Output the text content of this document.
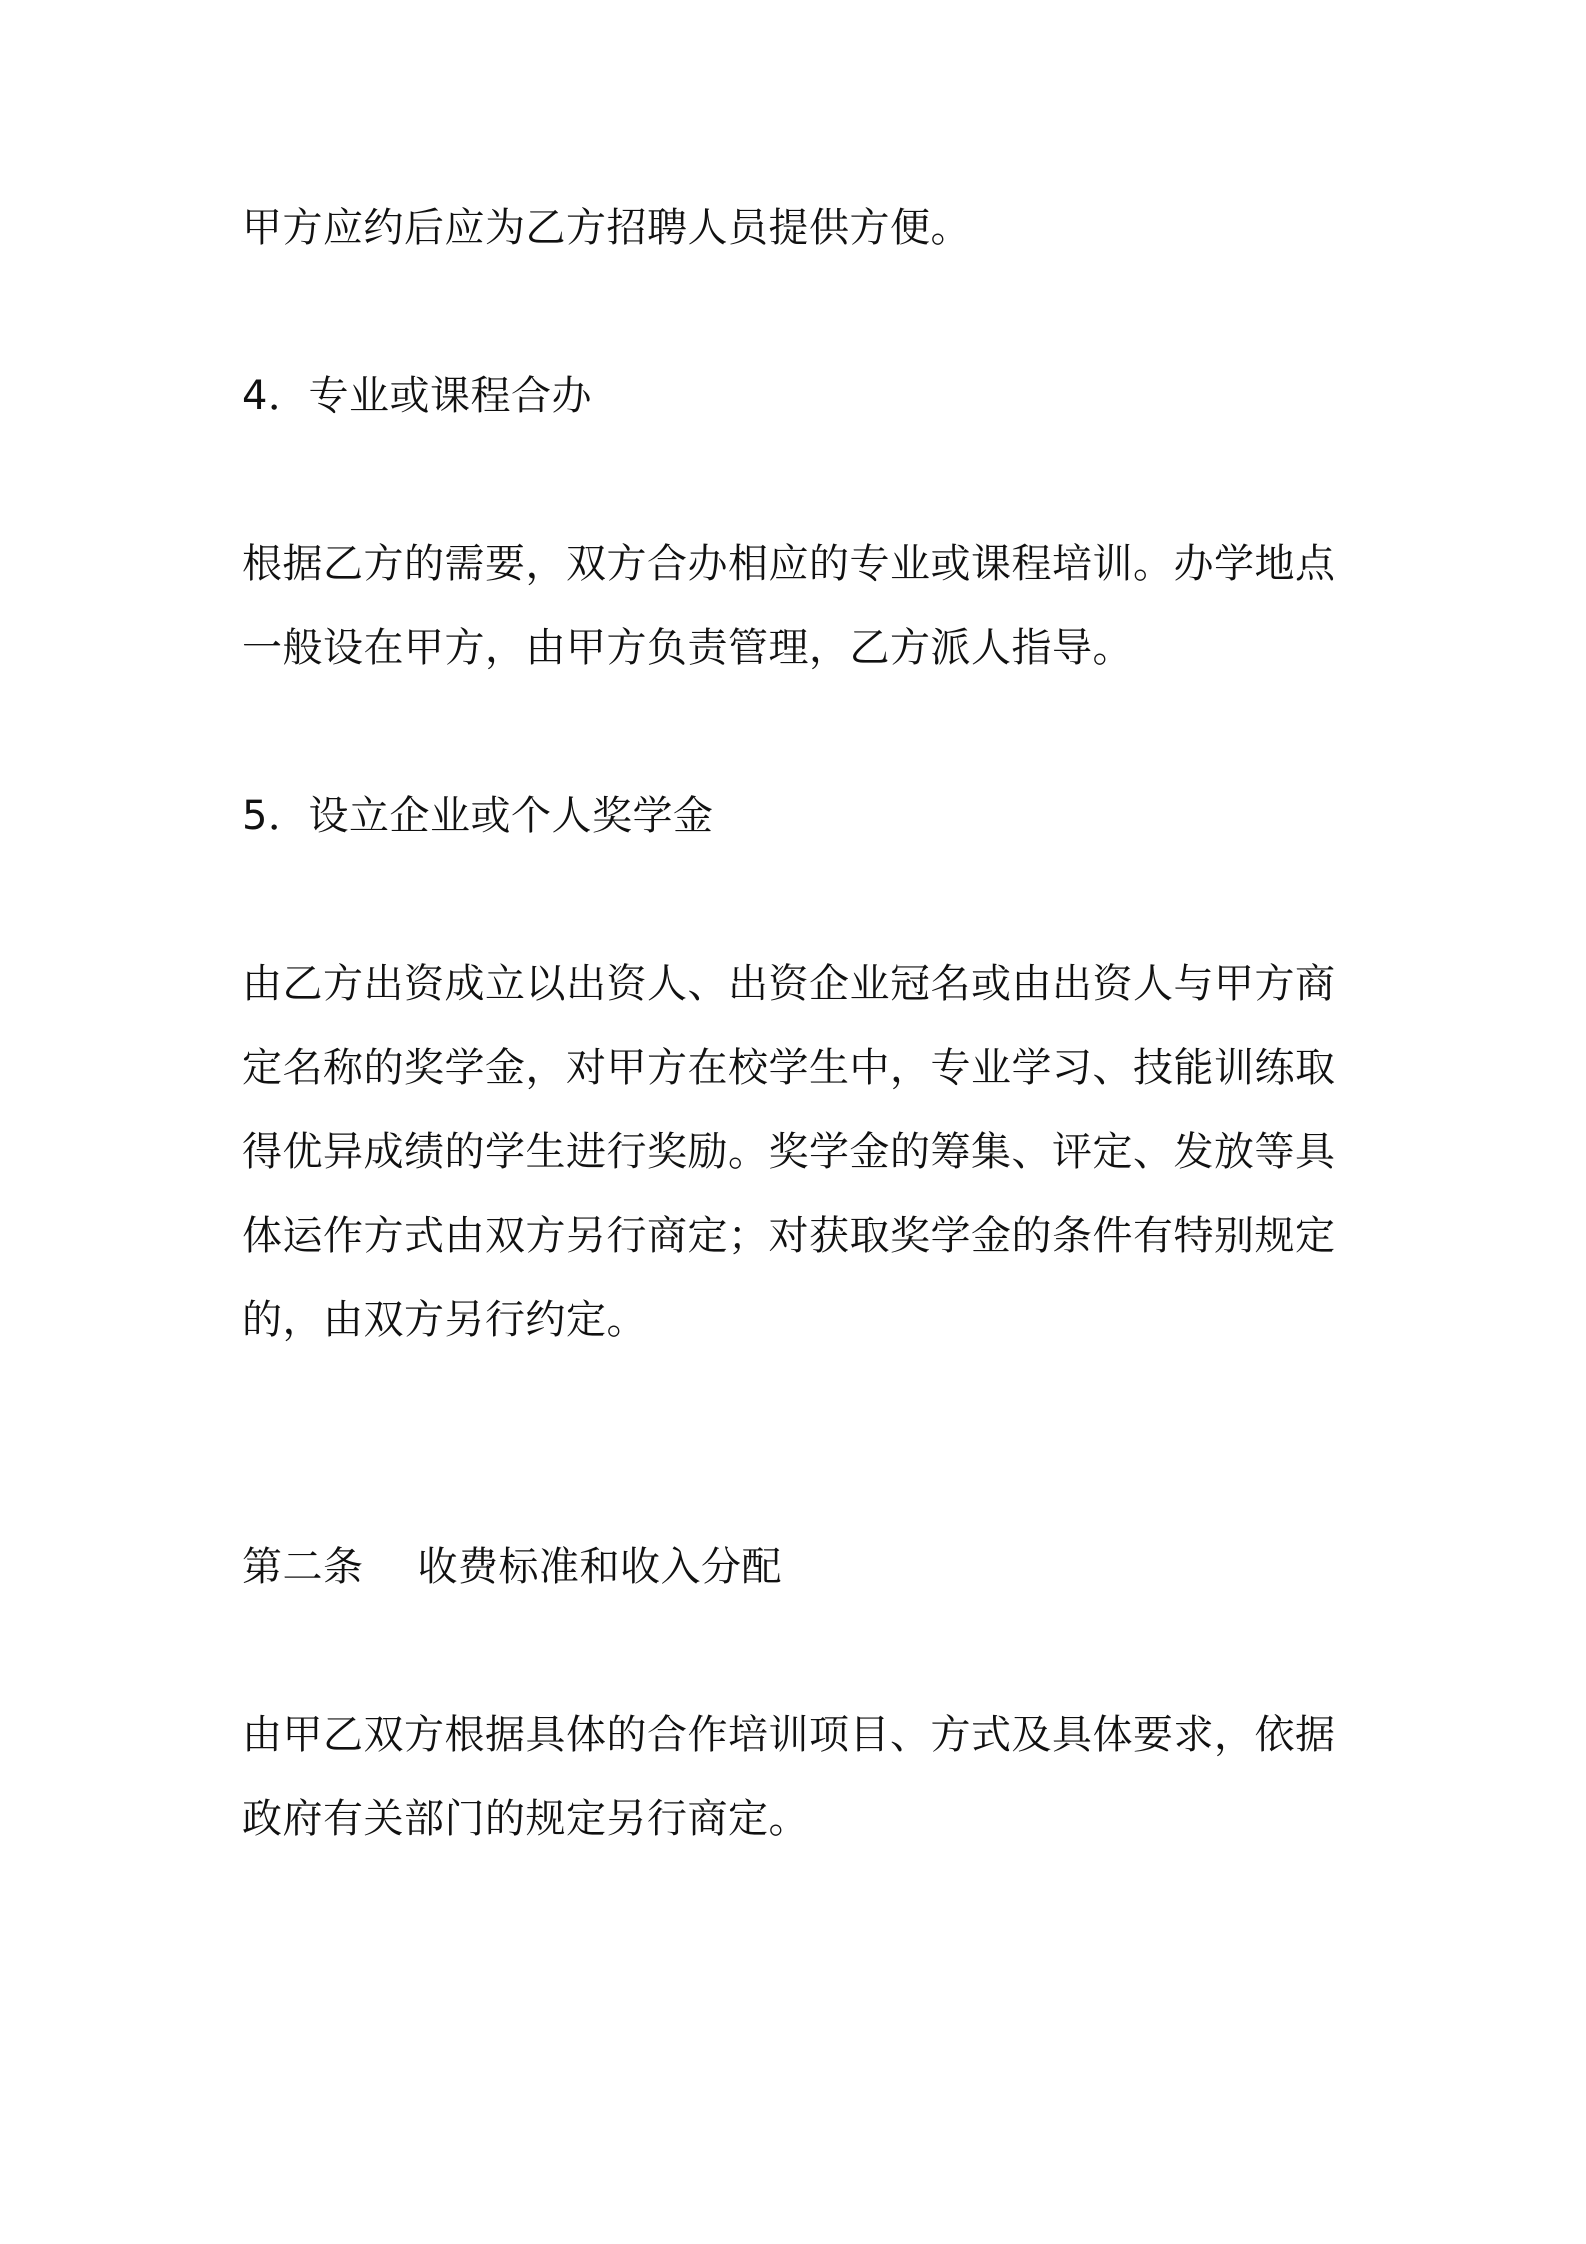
甲方应约后应为乙方招聘人员提供方便。

4．专业或课程合办

根据乙方的需要，双方合办相应的专业或课程培训。办学地点一般设在甲方，由甲方负责管理，乙方派人指导。

5．设立企业或个人奖学金

由乙方出资成立以出资人、出资企业冠名或由出资人与甲方商定名称的奖学金，对甲方在校学生中，专业学习、技能训练取得优异成绩的学生进行奖励。奖学金的筹集、评定、发放等具体运作方式由双方另行商定；对获取奖学金的条件有特别规定的，由双方另行约定。

第二条 收费标准和收入分配

由甲乙双方根据具体的合作培训项目、方式及具体要求，依据政府有关部门的规定另行商定。
